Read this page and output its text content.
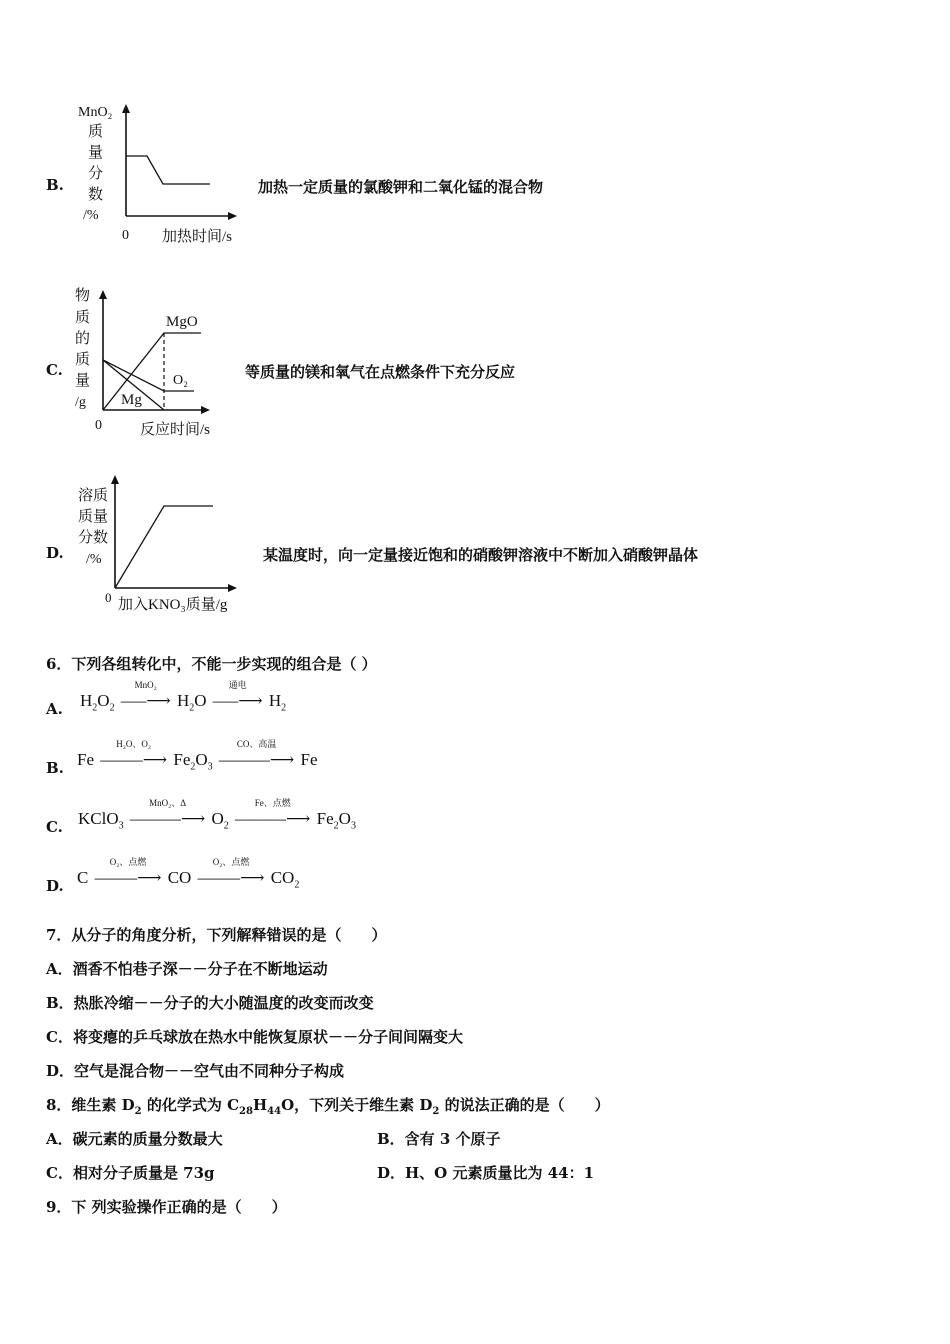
B.
MnO₂
质
量
分
数
/%
0 加热时间/s
加热一定质量的氯酸钾和二氧化锰的混合物
C.
物
质
的
质
量
/g
MgO
O₂
Mg
0	反应时间/s
等质量的镁和氧气在点燃条件下充分反应
D.
溶质
质量
分数
/%
0 加入KNO₃质量/g
某温度时，向一定量接近饱和的硝酸钾溶液中不断加入硝酸钾晶体
6．下列各组转化中，不能一步实现的组合是（ ）
A. $H_2O_2$
MnO₂
–––⟶ $H_2O$
通电
–––⟶ $H_2$
B. Fe
H₂O、O₂
–––––⟶ $Fe_2O_3$
CO、高温
––––––⟶ Fe
C. KClO$_3$
MnO₂、Δ
––––––⟶ $O_2$
Fe、点燃
––––––⟶ $Fe_2O_3$
D. C
O₂、点燃
–––––⟶ CO
O₂、点燃
–––––⟶ $CO_2$
7．从分子的角度分析，下列解释错误的是（　　）
A．酒香不怕巷子深－－分子在不断地运动
B．热胀冷缩－－分子的大小随温度的改变而改变
C．将变瘪的乒乓球放在热水中能恢复原状－－分子间间隔变大
D．空气是混合物－－空气由不同种分子构成
8．维生素 $D_2$ 的化学式为 $C_{28}H_{44}O$，下列关于维生素 $D_2$ 的说法正确的是（　　）
A．碳元素的质量分数最大	B．含有 3 个原子
C．相对分子质量是 73g	D．H、O 元素质量比为 44：1
9．下 列实验操作正确的是（　　）
